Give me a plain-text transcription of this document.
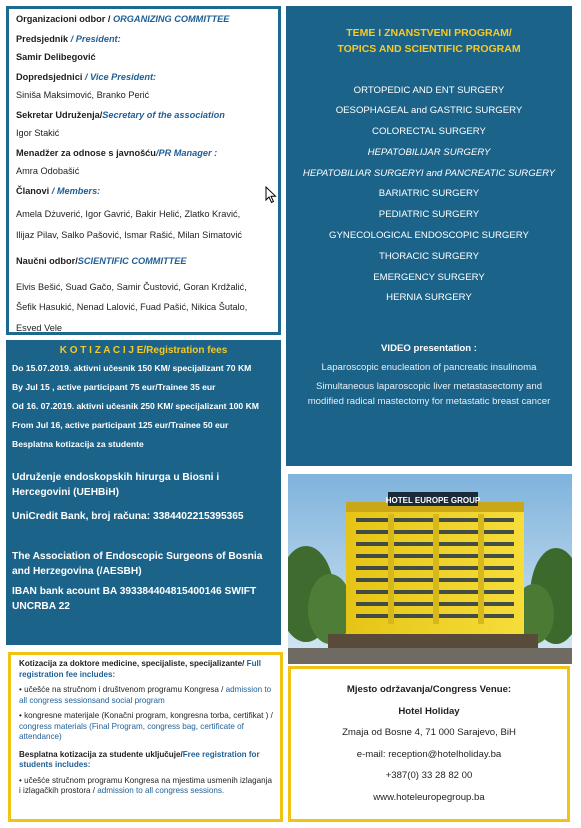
Organizacioni odbor / ORGANIZING COMMITTEE

Predsjednik / President:

Samir Delibegović

Dopredsjednici / Vice President:

Siniša Maksimović, Branko Perić

Sekretar Udruženja/Secretary of the association

Igor Stakić

Menadžer za odnose s javnošću/PR Manager :

Amra Odobašić

Članovi / Members:

Amela Dżuverić, Igor Gavrić, Bakir Helić, Zlatko Kravić,

Ilijaz Pilav, Salko Pašović, Ismar Rašić, Milan Simatović

Naučni odbor/SCIENTIFIC COMMITTEE

Elvis Bešić, Suad Gačo, Samir Čustović, Goran Krdžalić,

Šefik Hasukić, Nenad Lalović, Fuad Pašić, Nikica Šutalo,

Esved Vele

TEME I ZNANSTVENI PROGRAM/
TOPICS AND SCIENTIFIC PROGRAM
ORTOPEDIC AND ENT SURGERY
OESOPHAGEAL and GASTRIC SURGERY
COLORECTAL SURGERY
HEPATOBILIJAR SURGERY
HEPATOBILIAR SURGERYI and PANCREATIC SURGERY
BARIATRIC SURGERY
PEDIATRIC SURGERY
GYNECOLOGICAL ENDOSCOPIC SURGERY
THORACIC SURGERY
EMERGENCY SURGERY
HERNIA SURGERY
VIDEO presentation :
Laparoscopic enucleation of pancreatic insulinoma
Simultaneous laparoscopic liver metastasectomy and modified radical mastectomy for metastatic breast cancer
K O T I Z A C I J E/Registration fees
Do 15.07.2019. aktivni učesnik 150 KM/ specijalizant 70 KM
By Jul 15 , active participant 75 eur/Trainee 35 eur
Od 16. 07.2019. aktivni učesnik 250 KM/ specijalizant 100 KM
From Jul 16, active participant 125 eur/Trainee 50 eur
Besplatna kotizacija za studente
Udruženje endoskopskih hirurga u Biosni i Hercegovini (UEHBiH)
UniCredit Bank, broj računa: 3384402215395365
The Association of Endoscopic Surgeons of Bosnia and Herzegovina (/AESBH)
IBAN bank acount BA 393384404815400146 SWIFT UNCRBA 22
HOTEL EUROPE GROUP
Kotizacija za doktore medicine, specijaliste, specijalizante/ Full registration fee includes:
• učešće na stručnom i društvenom programu Kongresa / admission to all congress sessionsand social program
• kongresne materijale (Konačni program, kongresna torba, certifikat ) / congress materials (Final Program, congress bag, certificate of attendance)
Besplatna kotizacija za studente uključuje/Free registration for students includes:
• učešće stručnom programu Kongresa na mjestima usmenih izlaganja i izlagačkih prostora / admission to all congress sessions.
Mjesto održavanja/Congress Venue:
Hotel Holiday
Zmaja od Bosne 4, 71 000 Sarajevo, BiH
e-mail: reception@hotelholiday.ba
+387(0) 33 28 82 00
www.hoteleuropegroup.ba
